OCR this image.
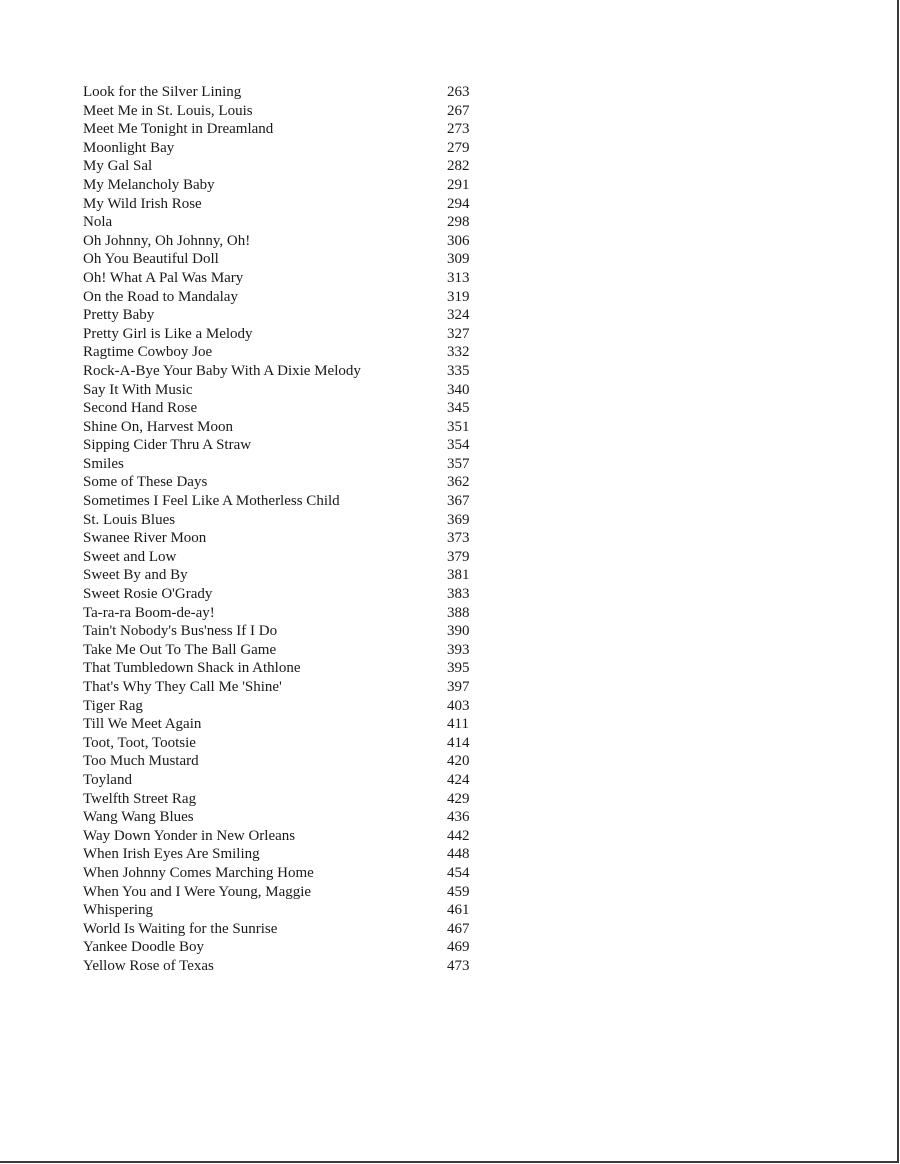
Look for the Silver Lining	263
Meet Me in St. Louis, Louis	267
Meet Me Tonight in Dreamland	273
Moonlight Bay	279
My Gal Sal	282
My Melancholy Baby	291
My Wild Irish Rose	294
Nola	298
Oh Johnny, Oh Johnny, Oh!	306
Oh You Beautiful Doll	309
Oh! What A Pal Was Mary	313
On the Road to Mandalay	319
Pretty Baby	324
Pretty Girl is Like a Melody	327
Ragtime Cowboy Joe	332
Rock-A-Bye Your Baby With A Dixie Melody	335
Say It With Music	340
Second Hand Rose	345
Shine On, Harvest Moon	351
Sipping Cider Thru A Straw	354
Smiles	357
Some of These Days	362
Sometimes I Feel Like A Motherless Child	367
St. Louis Blues	369
Swanee River Moon	373
Sweet and Low	379
Sweet By and By	381
Sweet Rosie O'Grady	383
Ta-ra-ra Boom-de-ay!	388
Tain't Nobody's Bus'ness If I Do	390
Take Me Out To The Ball Game	393
That Tumbledown Shack in Athlone	395
That's Why They Call Me 'Shine'	397
Tiger Rag	403
Till We Meet Again	411
Toot, Toot, Tootsie	414
Too Much Mustard	420
Toyland	424
Twelfth Street Rag	429
Wang Wang Blues	436
Way Down Yonder in New Orleans	442
When Irish Eyes Are Smiling	448
When Johnny Comes Marching Home	454
When You and I Were Young, Maggie	459
Whispering	461
World Is Waiting for the Sunrise	467
Yankee Doodle Boy	469
Yellow Rose of Texas	473
